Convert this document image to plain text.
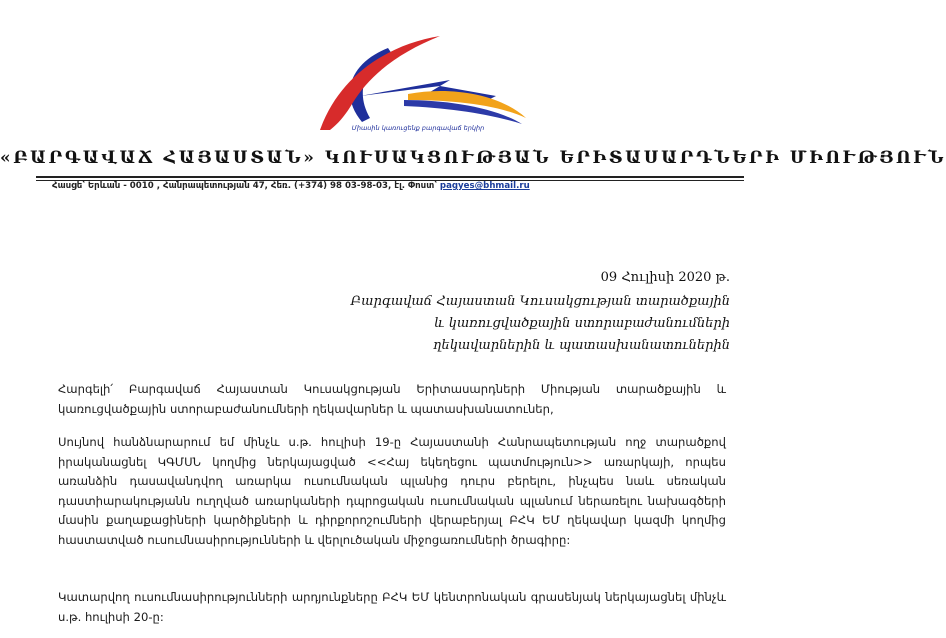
Միասին կառուցենք բարգավաճ երկիր
«ԲԱՐԳԱՎԱՃ ՀԱՅԱՍՏԱՆ» ԿՈՒՍԱԿՑՈՒԹՅԱՆ ԵՐԻՏԱՍԱՐԴՆԵՐԻ ՄԻՈՒԹՅՈՒՆ
Հասցե՝ Երևան - 0010 , Հանրապետության 47, Հեռ. (+374) 98 03-98-03, էլ. Փոստ՝ pagyes@bhmail.ru
09 Հուլիսի 2020 թ.
Բարգավաճ Հայաստան Կուսակցության տարածքային
և կառուցվածքային ստորաբաժանումների
ղեկավարներին և պատասխանատուներին
Հարգելի՛ Բարգավաճ Հայաստան Կուսակցության Երիտասարդների Միության տարածքային և կառուցվածքային ստորաբաժանումների ղեկավարներ և պատասխանատուներ,
Սույնով հանձնարարում եմ մինչև ս.թ. հուլիսի 19-ը Հայաստանի Հանրապետության ողջ տարածքով իրականացնել ԿԳՄՍՆ կողմից ներկայացված <<Հայ եկեղեցու պատմություն>> առարկայի, որպես առանձին դասավանդվող առարկա ուսումնական պլանից դուրս բերելու, ինչպես նաև սեռական դաստիարակությանն ուղղված առարկաների դպրոցական ուսումնական պլանում ներառելու նախագծերի մասին քաղաքացիների կարծիքների և դիրքորոշումների վերաբերյալ ԲՀԿ ԵՄ ղեկավար կազմի կողմից հաստատված ուսումնասիրությունների և վերլուծական միջոցառումների ծրագիրը:
Կատարվող ուսումնասիրությունների արդյունքները ԲՀԿ ԵՄ կենտրոնական գրասենյակ ներկայացնել մինչև ս.թ. հուլիսի 20-ը:
